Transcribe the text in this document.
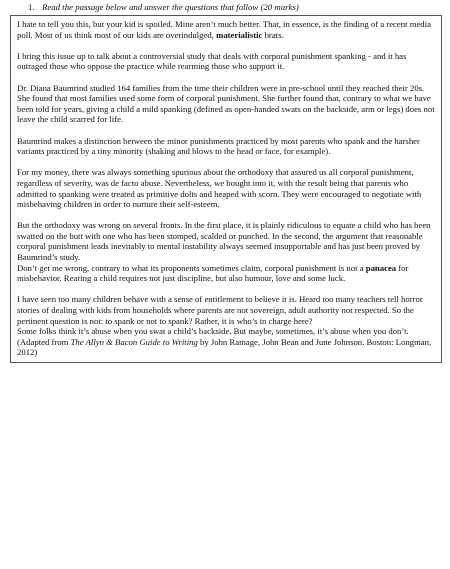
1. Read the passage below and answer the questions that follow (20 marks)

I hate to tell you this, but your kid is spoiled. Mine aren’t much better. That, in essence, is the finding of a recent media poll. Most of us think most of our kids are overindulged, materialistic brats.

I bring this issue up to talk about a controversial study that deals with corporal punishment spanking - and it has outraged those who oppose the practice while rearming those who support it.

Dr. Diana Baumrind studied 164 families from the time their children were in pre-school until they reached their 20s. She found that most families used some form of corporal punishment. She further found that, contrary to what we have been told for years, giving a child a mild spanking (defined as open-handed swats on the backside, arm or legs) does not leave the child scarred for life.

Baumrind makes a distinction between the minor punishments practiced by most parents who spank and the harsher variants practiced by a tiny minority (shaking and blows to the head or face, for example).

For my money, there was always something spurious about the orthodoxy that assured us all corporal punishment, regardless of severity, was de facto abuse. Nevertheless, we bought into it, with the result being that parents who admitted to spanking were treated as primitive dolts and heaped with scorn. They were encouraged to negotiate with misbehaving children in order to nurture their self-esteem.

But the orthodoxy was wrong on several fronts. In the first place, it is plainly ridiculous to equate a child who has been swatted on the butt with one who has been stomped, scalded or punched. In the second, the argument that reasonable corporal punishment leads inevitably to mental instability always seemed insupportable and has just been proved by Baumrind’s study.

Don’t get me wrong, contrary to what its proponents sometimes claim, corporal punishment is not a panacea for misbehavior. Rearing a child requires not just discipline, but also humour, love and some luck.

I have seen too many children behave with a sense of entitlement to believe it is. Heard too many teachers tell horror stories of dealing with kids from households where parents are not sovereign, adult authority not respected. So the pertinent question is not: to spank or not to spank? Rather, it is who’s in charge here?

Some folks think it’s abuse when you swat a child’s backside. But maybe, sometimes, it’s abuse when you don’t.

(Adapted from The Allyn & Bacon Guide to Writing by John Ramage, John Bean and June Johnson. Boston: Longman, 2012)
